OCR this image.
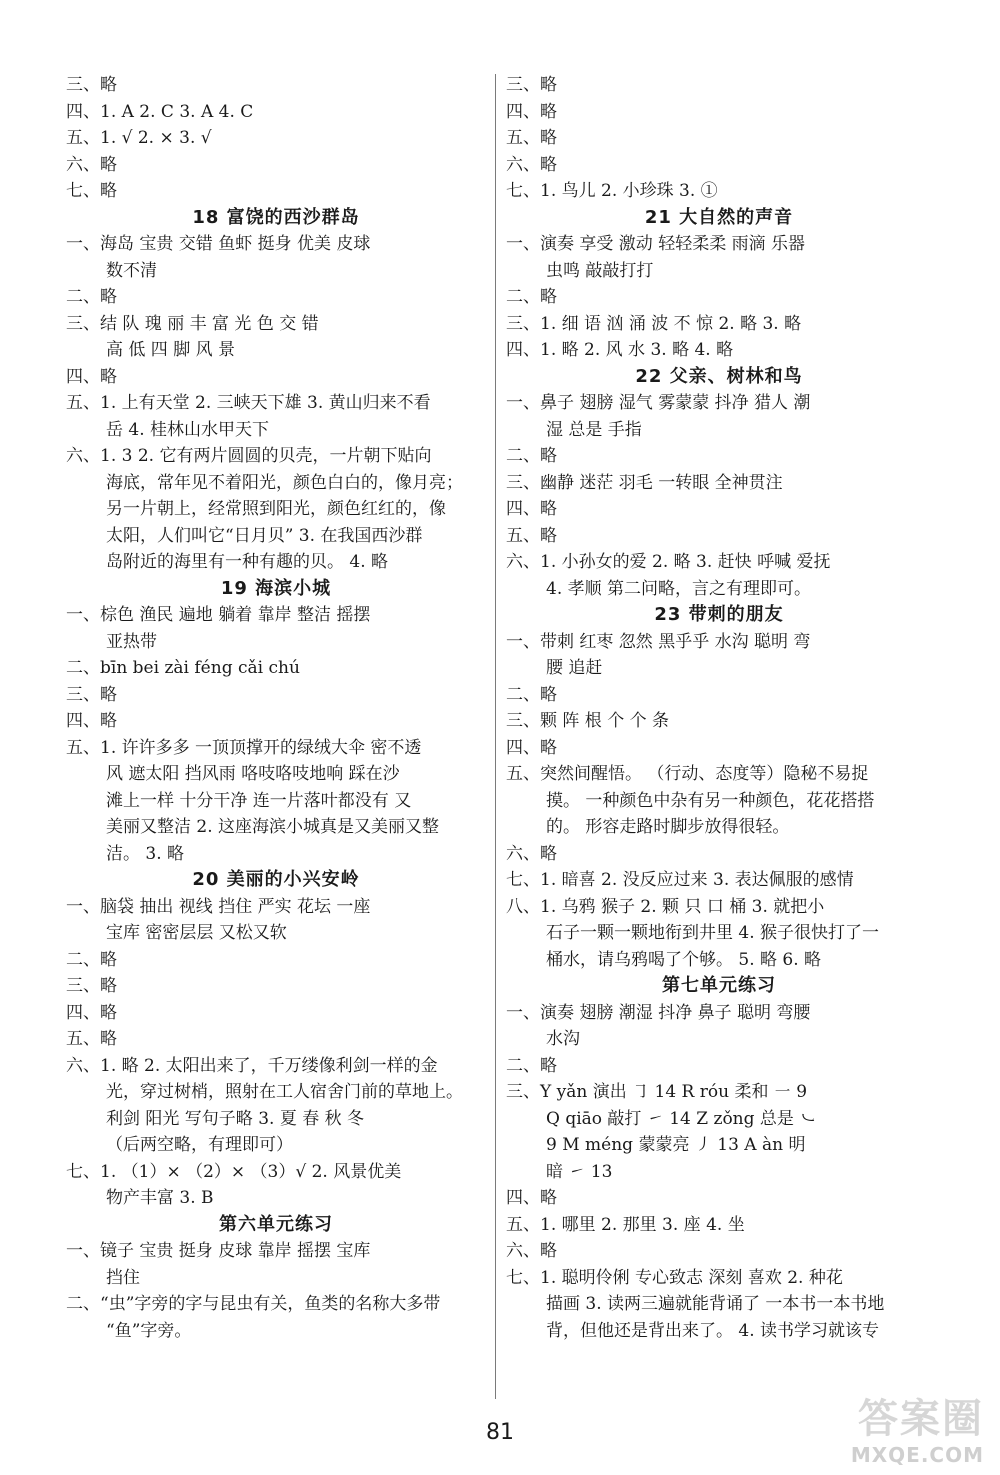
三、略
四、1. A 2. C 3. A 4. C
五、1. √ 2. × 3. √
六、略
七、略
18 富饶的西沙群岛
一、海岛 宝贵 交错 鱼虾 挺身 优美 皮球
数不清
二、略
三、结 队 瑰 丽 丰 富 光 色 交 错
高 低 四 脚 风 景
四、略
五、1. 上有天堂 2. 三峡天下雄 3. 黄山归来不看
岳 4. 桂林山水甲天下
六、1. 3 2. 它有两片圆圆的贝壳，一片朝下贴向
海底，常年见不着阳光，颜色白白的，像月亮；
另一片朝上，经常照到阳光，颜色红红的，像
太阳，人们叫它“日月贝” 3. 在我国西沙群
岛附近的海里有一种有趣的贝。 4. 略
19 海滨小城
一、棕色 渔民 遍地 躺着 靠岸 整洁 摇摆
亚热带
二、bīn bei zài féng cǎi chú
三、略
四、略
五、1. 许许多多 一顶顶撑开的绿绒大伞 密不透
风 遮太阳 挡风雨 咯吱咯吱地响 踩在沙
滩上一样 十分干净 连一片落叶都没有 又
美丽又整洁 2. 这座海滨小城真是又美丽又整
洁。 3. 略
20 美丽的小兴安岭
一、脑袋 抽出 视线 挡住 严实 花坛 一座
宝库 密密层层 又松又软
二、略
三、略
四、略
五、略
六、1. 略 2. 太阳出来了，千万缕像利剑一样的金
光，穿过树梢，照射在工人宿舍门前的草地上。
利剑 阳光 写句子略 3. 夏 春 秋 冬
（后两空略，有理即可）
七、1. （1）× （2）× （3）√ 2. 风景优美
物产丰富 3. B
第六单元练习
一、镜子 宝贵 挺身 皮球 靠岸 摇摆 宝库
挡住
二、“虫”字旁的字与昆虫有关，鱼类的名称大多带
“鱼”字旁。
三、略
四、略
五、略
六、略
七、1. 鸟儿 2. 小珍珠 3. ①
21 大自然的声音
一、演奏 享受 激动 轻轻柔柔 雨滴 乐器
虫鸣 敲敲打打
二、略
三、1. 细 语 汹 涌 波 不 惊 2. 略 3. 略
四、1. 略 2. 风 水 3. 略 4. 略
22 父亲、树林和鸟
一、鼻子 翅膀 湿气 雾蒙蒙 抖净 猎人 潮
湿 总是 手指
二、略
三、幽静 迷茫 羽毛 一转眼 全神贯注
四、略
五、略
六、1. 小孙女的爱 2. 略 3. 赶快 呼喊 爱抚
4. 孝顺 第二问略，言之有理即可。
23 带刺的朋友
一、带刺 红枣 忽然 黑乎乎 水沟 聪明 弯
腰 追赶
二、略
三、颗 阵 根 个 个 条
四、略
五、突然间醒悟。 （行动、态度等）隐秘不易捉
摸。 一种颜色中杂有另一种颜色，花花搭搭
的。 形容走路时脚步放得很轻。
六、略
七、1. 暗喜 2. 没反应过来 3. 表达佩服的感情
八、1. 乌鸦 猴子 2. 颗 只 口 桶 3. 就把小
石子一颗一颗地衔到井里 4. 猴子很快打了一
桶水，请乌鸦喝了个够。 5. 略 6. 略
第七单元练习
一、演奏 翅膀 潮湿 抖净 鼻子 聪明 弯腰
水沟
二、略
三、Y yǎn 演出 ㇆ 14 R róu 柔和 ㇐ 9
Q qiāo 敲打 ㇀ 14 Z zǒng 总是 ㇃
9 M méng 蒙蒙亮 ㇓ 13 A àn 明
暗 ㇀ 13
四、略
五、1. 哪里 2. 那里 3. 座 4. 坐
六、略
七、1. 聪明伶俐 专心致志 深刻 喜欢 2. 种花
描画 3. 读两三遍就能背诵了 一本书一本书地
背，但他还是背出来了。 4. 读书学习就该专
81	答案圈
MXQE.COM
